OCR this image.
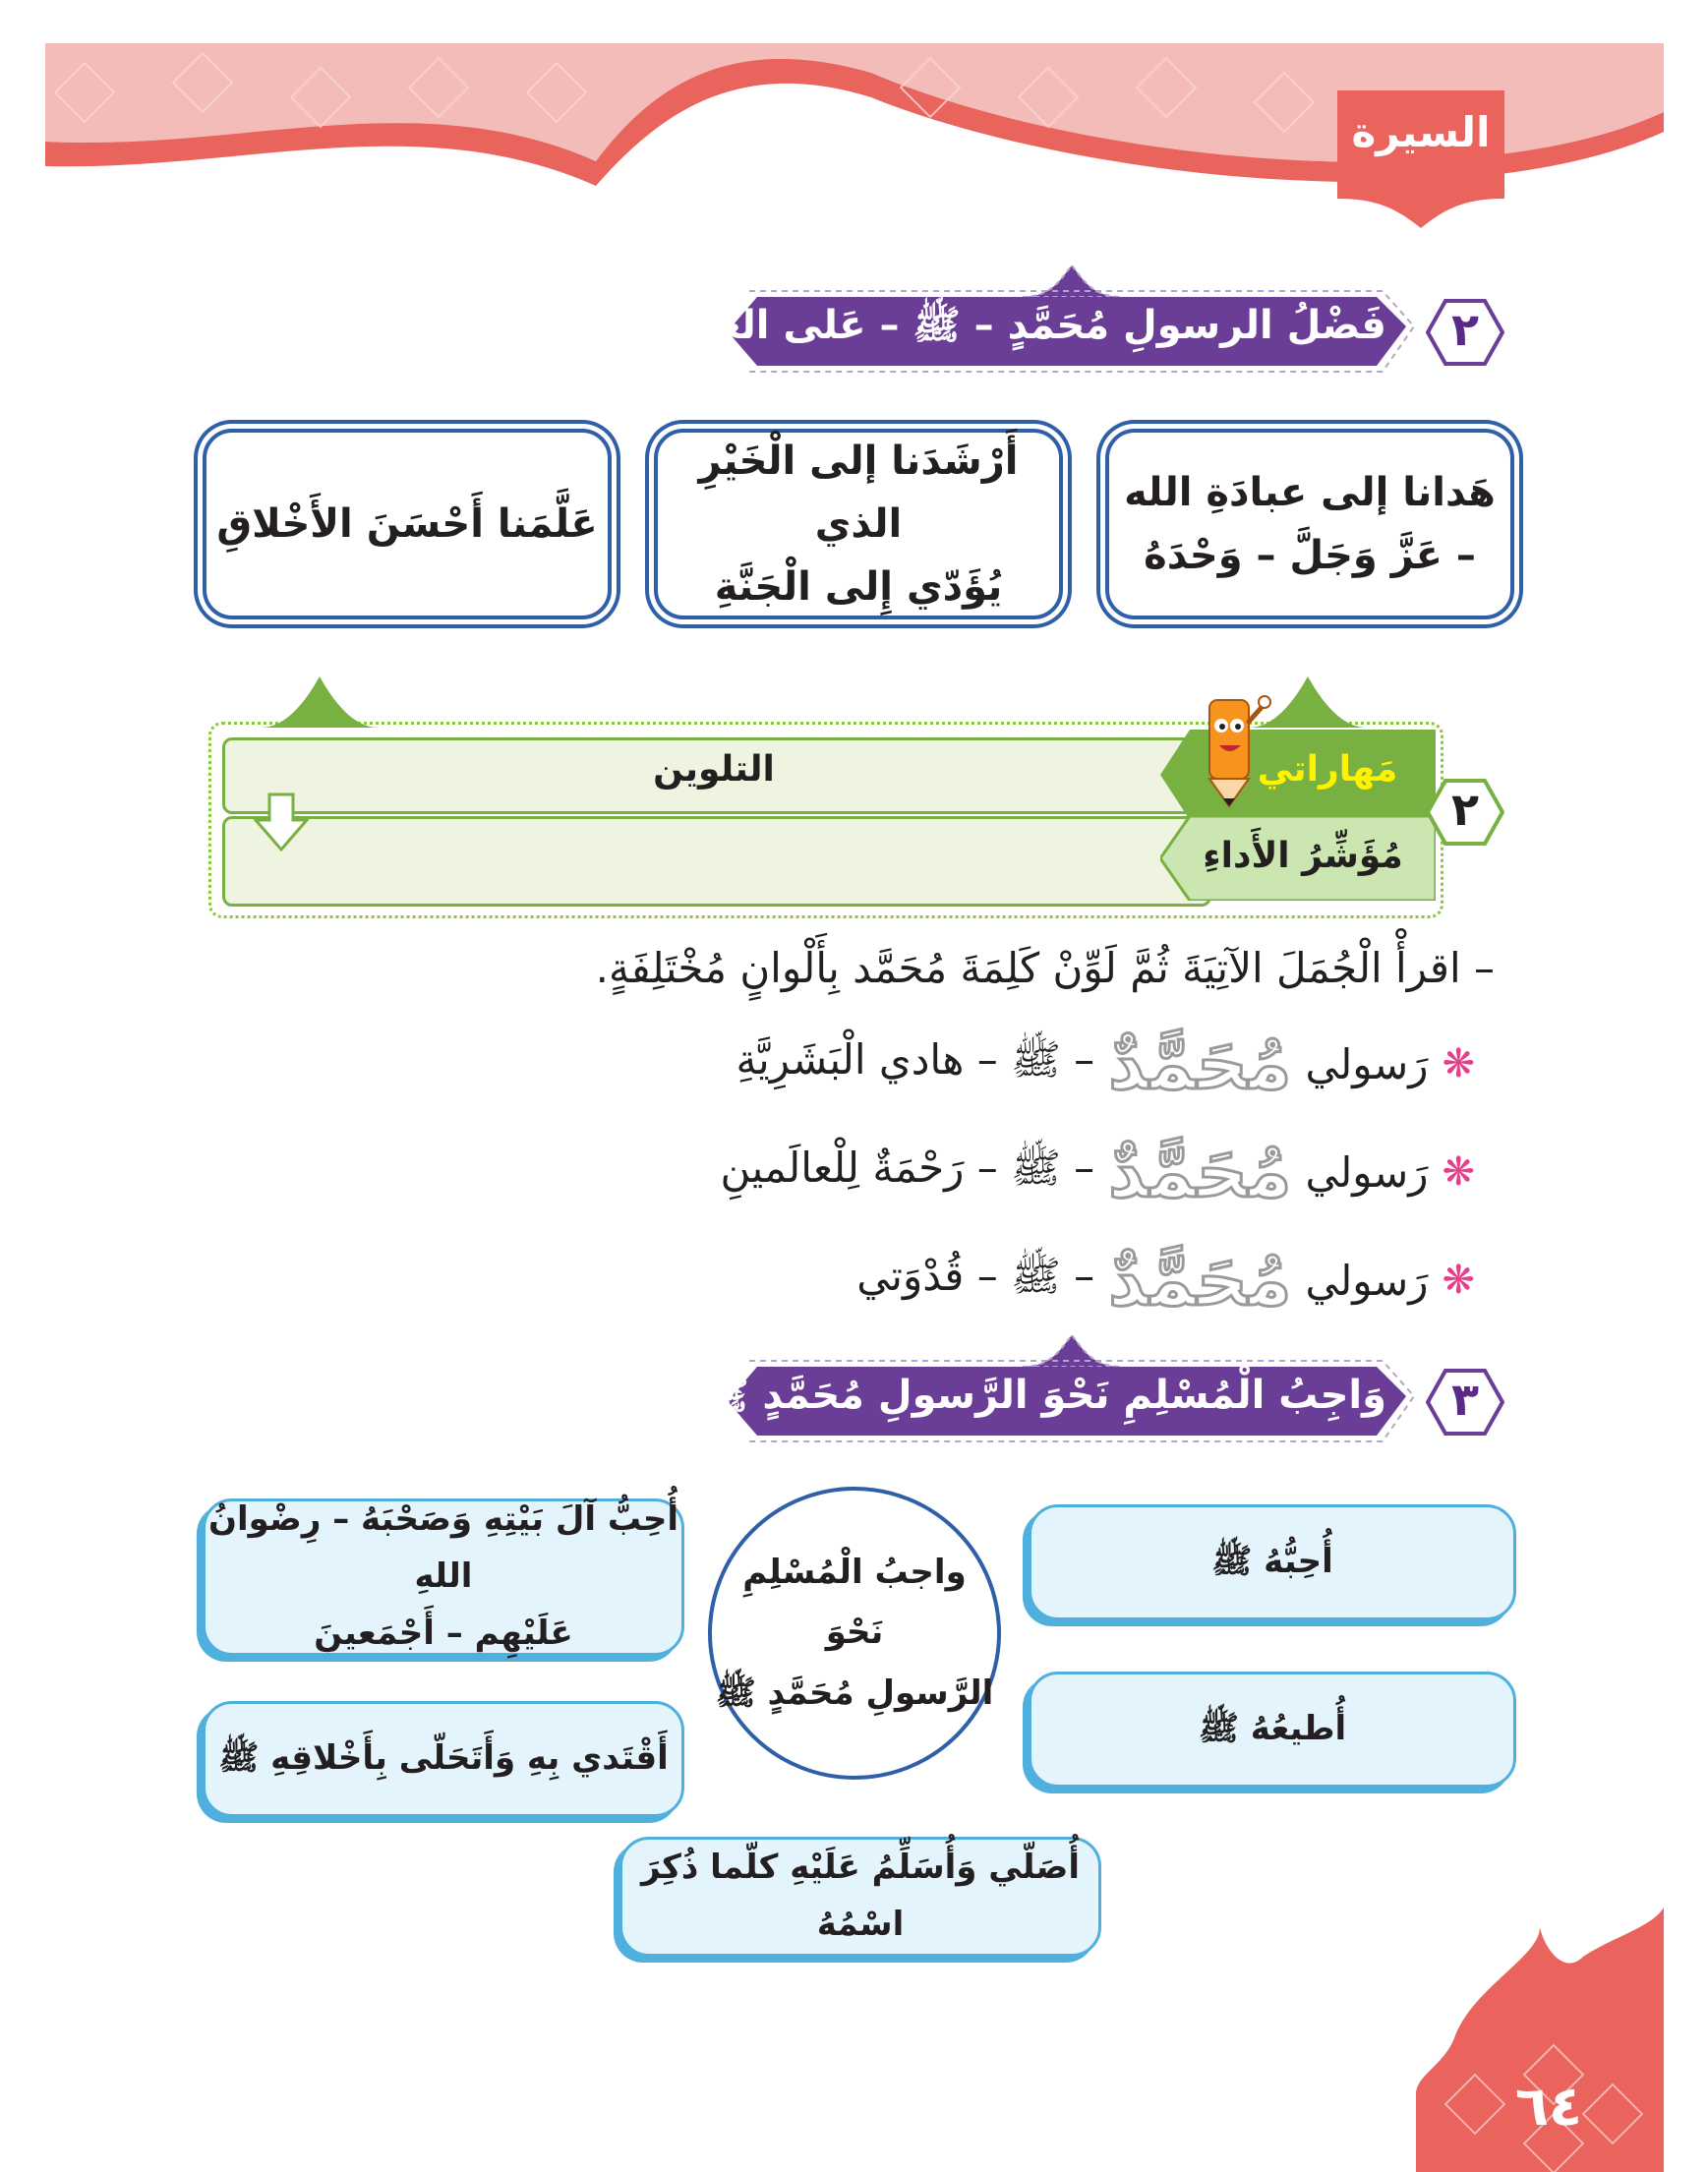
السيرة
فَضْلُ الرسولِ مُحَمَّدٍ – ﷺ – عَلى العَالَمينَ.	٢
هَدانا إلى عبادَةِ الله
– عَزَّ وَجَلَّ – وَحْدَهُ
أَرْشَدَنا إلى الْخَيْرِ الذي
يُؤَدّي إِلى الْجَنَّةِ
عَلَّمَنا أَحْسَنَ الأَخْلاقِ
التلوين	مَهاراتي
مُؤَشِّرُ الأَداءِ
٢
– اقرأْ الْجُمَلَ الآتِيَةَ ثُمَّ لَوِّنْ كَلِمَةَ مُحَمَّد بِأَلْوانٍ مُخْتَلِفَةٍ.
❋
رَسولي
مُحَمَّدٌ
– ﷺ – هادي الْبَشَرِيَّةِ
❋
رَسولي
مُحَمَّدٌ
– ﷺ – رَحْمَةٌ لِلْعالَمينِ
❋
رَسولي
مُحَمَّدٌ
– ﷺ – قُدْوَتي
وَاجِبُ الْمُسْلِمِ نَحْوَ الرَّسولِ مُحَمَّدٍ ﷺ .	٣
واجبُ الْمُسْلِمِ نَحْوَ
الرَّسولِ مُحَمَّدٍ ﷺ
أُحِبُّهُ ﷺ
أُطيعُهُ ﷺ
أُحِبُّ آلَ بَيْتِهِ وَصَحْبَهُ – رِضْوانُ اللهِ
عَلَيْهِم – أَجْمَعينَ
أَقْتَدي بِهِ وَأَتَحَلّى بِأَخْلاقِهِ ﷺ
أُصَلّي وَأُسَلِّمُ عَلَيْهِ كلّما ذُكِرَ اسْمُهُ
٦٤
